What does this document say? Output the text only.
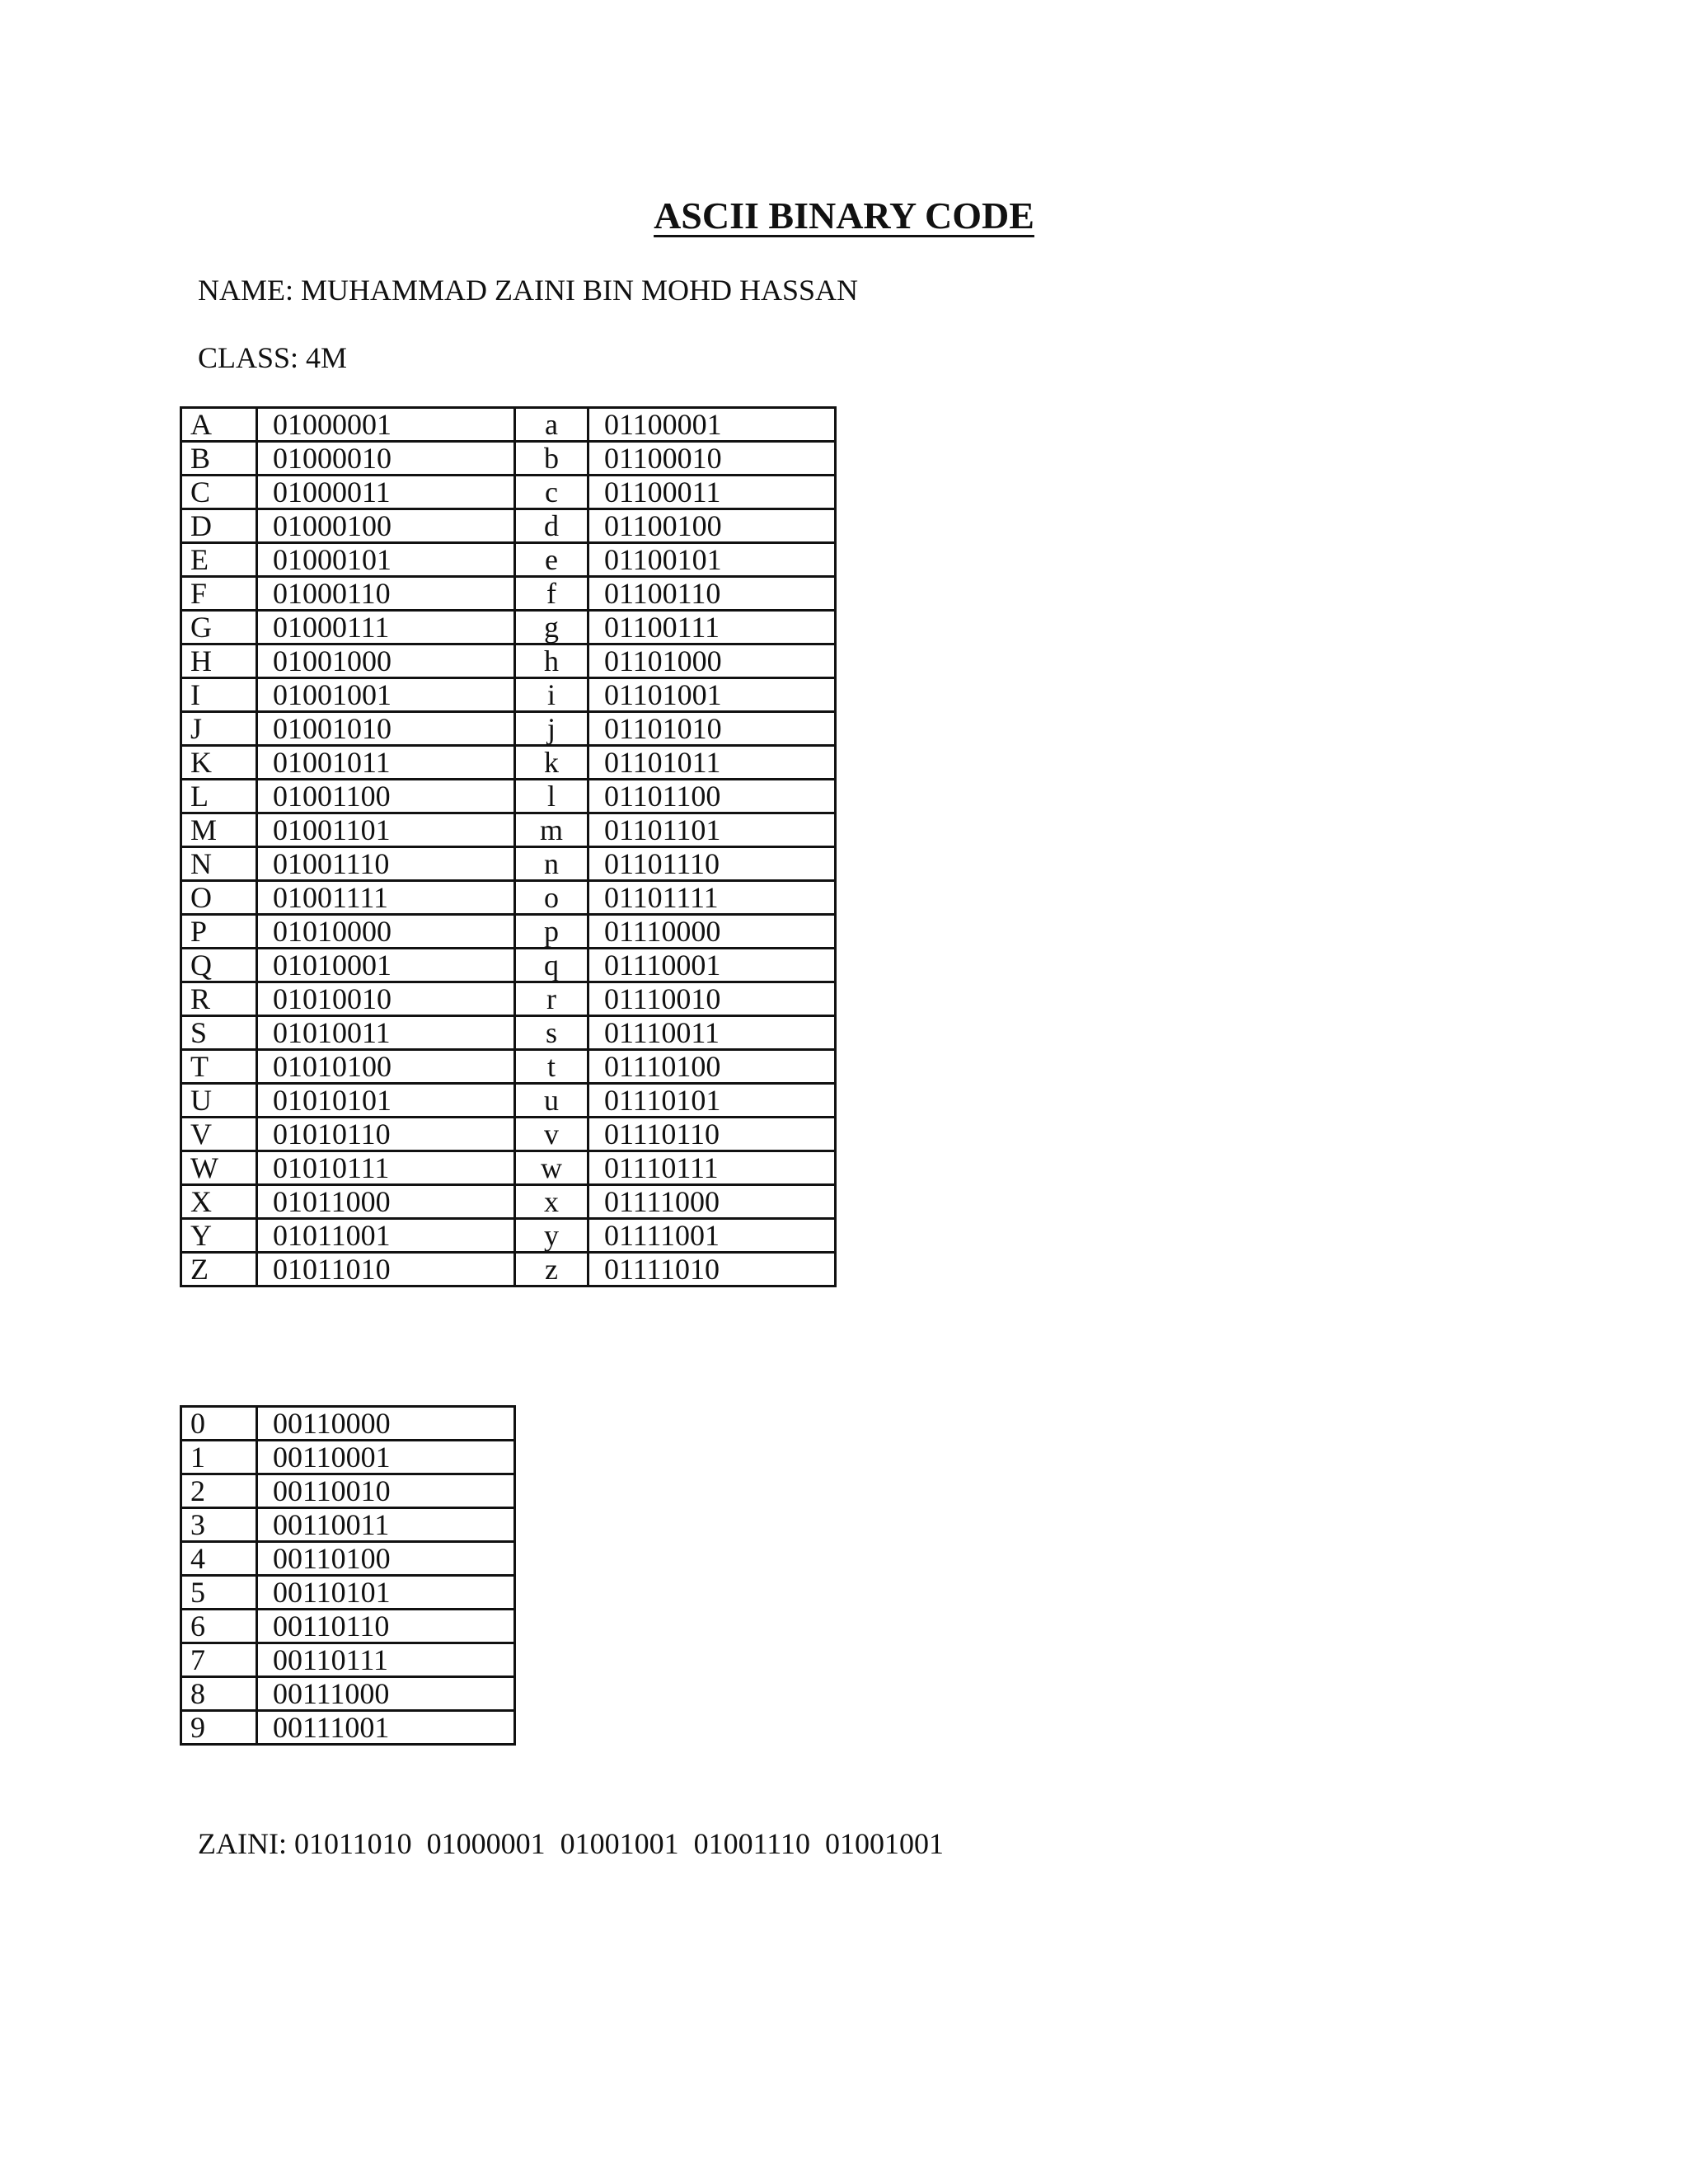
ASCII BINARY CODE
NAME: MUHAMMAD ZAINI BIN MOHD HASSAN
CLASS: 4M
A	01000001	a	01100001
B	01000010	b	01100010
C	01000011	c	01100011
D	01000100	d	01100100
E	01000101	e	01100101
F	01000110	f	01100110
G	01000111	g	01100111
H	01001000	h	01101000
I	01001001	i	01101001
J	01001010	j	01101010
K	01001011	k	01101011
L	01001100	l	01101100
M	01001101	m	01101101
N	01001110	n	01101110
O	01001111	o	01101111
P	01010000	p	01110000
Q	01010001	q	01110001
R	01010010	r	01110010
S	01010011	s	01110011
T	01010100	t	01110100
U	01010101	u	01110101
V	01010110	v	01110110
W	01010111	w	01110111
X	01011000	x	01111000
Y	01011001	y	01111001
Z	01011010	z	01111010
0	00110000
1	00110001
2	00110010
3	00110011
4	00110100
5	00110101
6	00110110
7	00110111
8	00111000
9	00111001
ZAINI: 01011010  01000001  01001001  01001110  01001001
